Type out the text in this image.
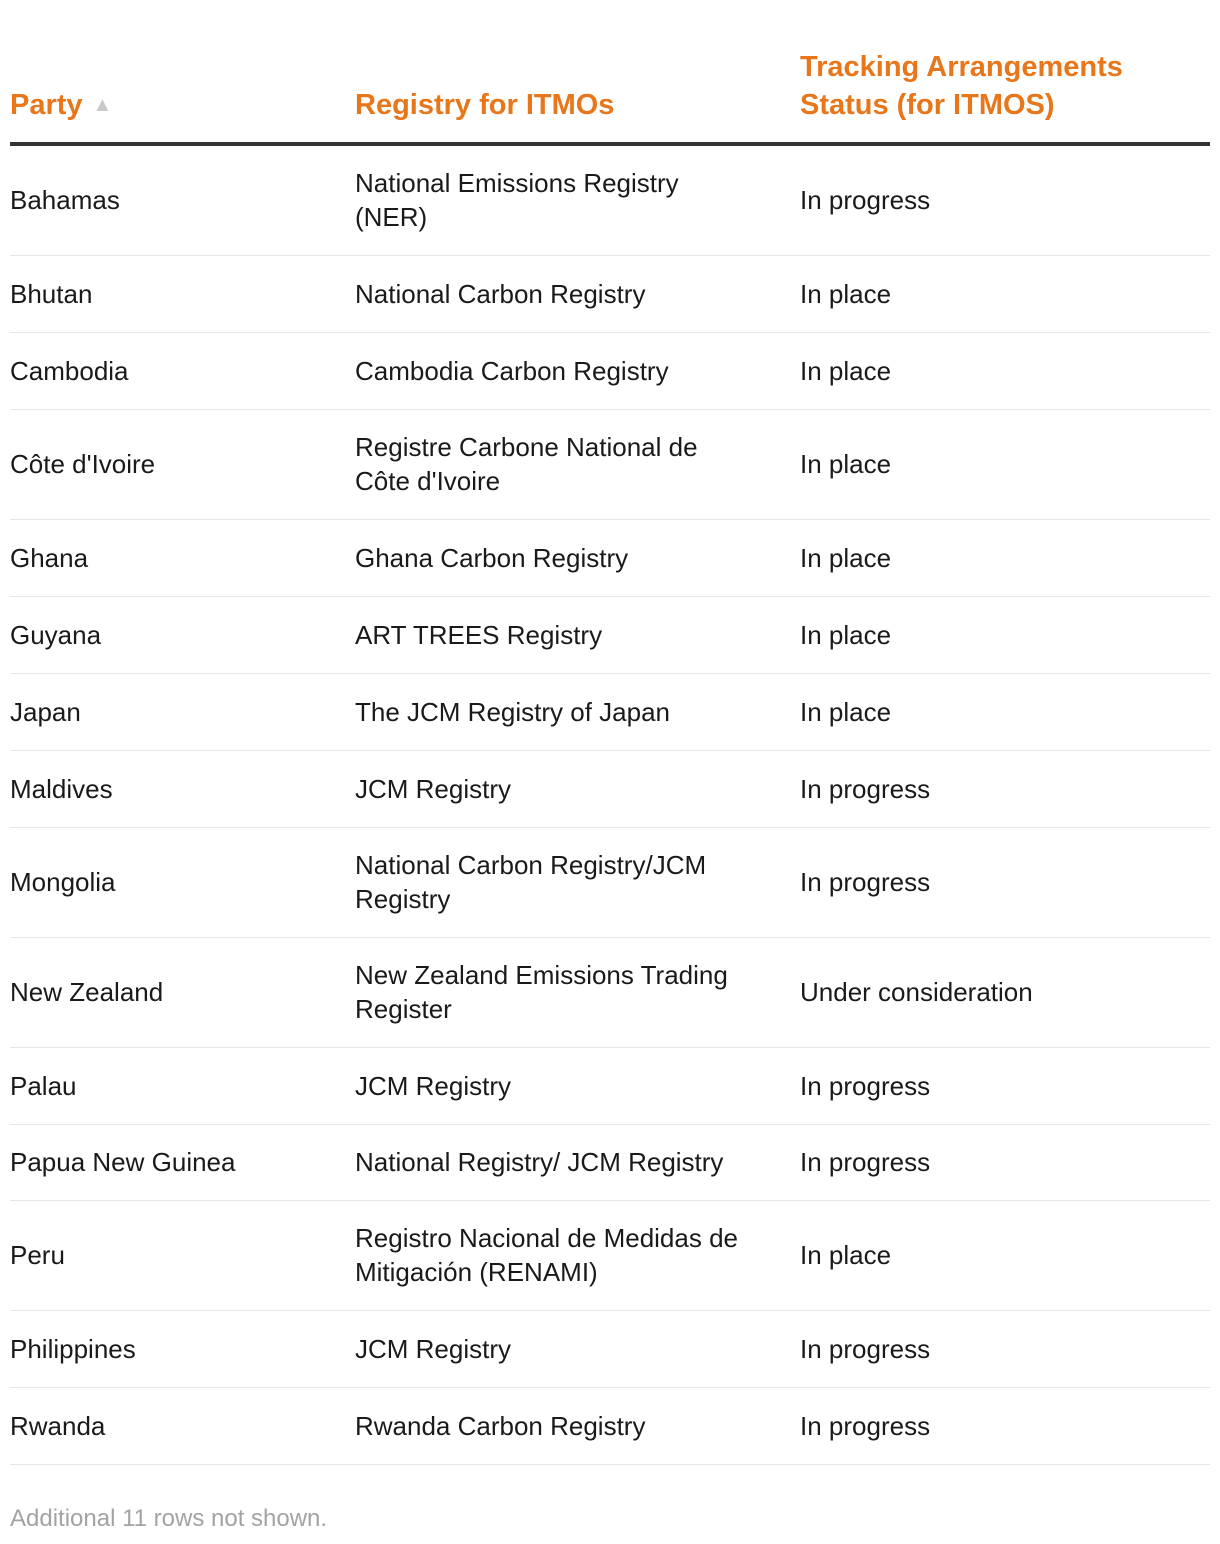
Party ▲	Registry for ITMOs	Tracking Arrangements Status (for ITMOS)
Bahamas	National Emissions Registry (NER)	In progress
Bhutan	National Carbon Registry	In place
Cambodia	Cambodia Carbon Registry	In place
Côte d'Ivoire	Registre Carbone National de Côte d'Ivoire	In place
Ghana	Ghana Carbon Registry	In place
Guyana	ART TREES Registry	In place
Japan	The JCM Registry of Japan	In place
Maldives	JCM Registry	In progress
Mongolia	National Carbon Registry/JCM Registry	In progress
New Zealand	New Zealand Emissions Trading Register	Under consideration
Palau	JCM Registry	In progress
Papua New Guinea	National Registry/ JCM Registry	In progress
Peru	Registro Nacional de Medidas de Mitigación (RENAMI)	In place
Philippines	JCM Registry	In progress
Rwanda	Rwanda Carbon Registry	In progress
Additional 11 rows not shown.
